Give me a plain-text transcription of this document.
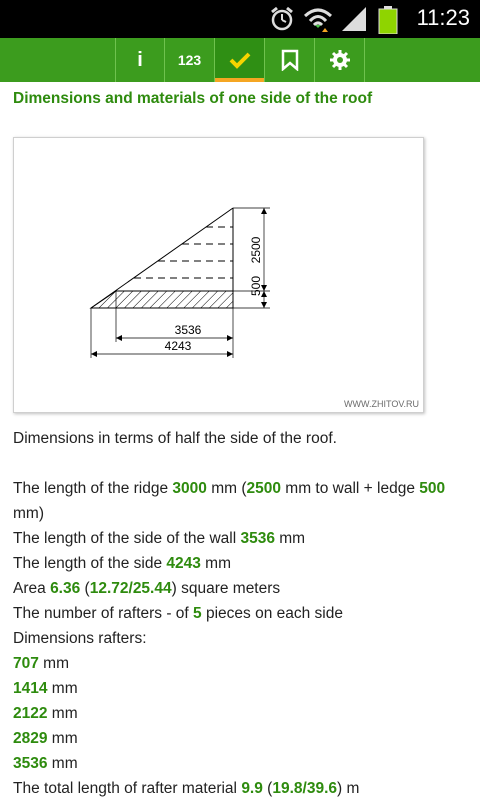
11:23
i	123
Dimensions and materials of one side of the roof
2500
500
3536
4243
WWW.ZHITOV.RU
Dimensions in terms of half the side of the roof.
The length of the ridge 3000 mm (2500 mm to wall + ledge 500 mm)
The length of the side of the wall 3536 mm
The length of the side 4243 mm
Area 6.36 (12.72/25.44) square meters
The number of rafters - of 5 pieces on each side
Dimensions rafters:
707 mm
1414 mm
2122 mm
2829 mm
3536 mm
The total length of rafter material 9.9 (19.8/39.6) m
